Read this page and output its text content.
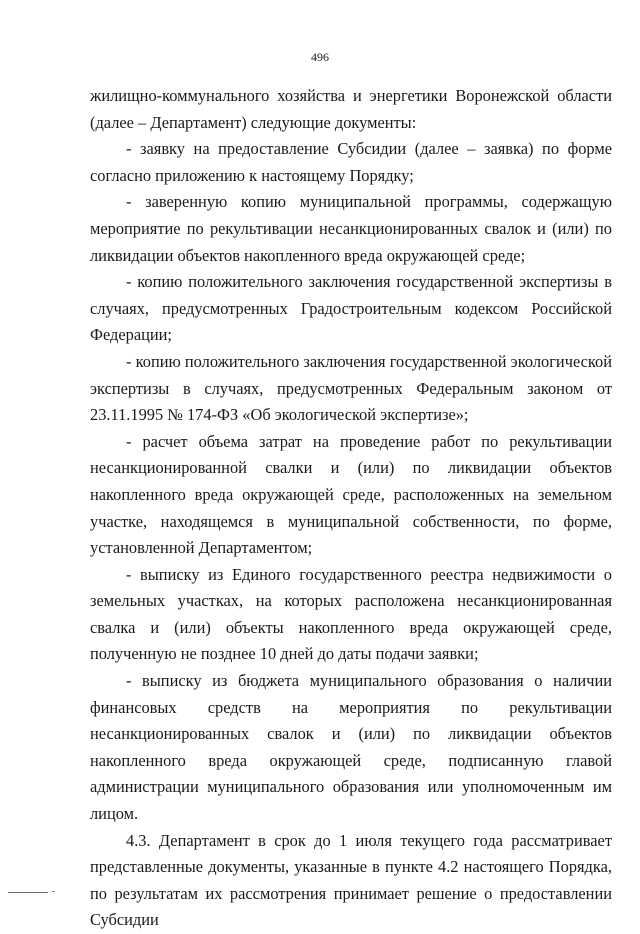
496

жилищно-коммунального хозяйства и энергетики Воронежской области (далее – Департамент) следующие документы:

- заявку на предоставление Субсидии (далее – заявка) по форме согласно приложению к настоящему Порядку;

- заверенную копию муниципальной программы, содержащую мероприятие по рекультивации несанкционированных свалок и (или) по ликвидации объектов накопленного вреда окружающей среде;

- копию положительного заключения государственной экспертизы в случаях, предусмотренных Градостроительным кодексом Российской Федерации;

- копию положительного заключения государственной экологической экспертизы в случаях, предусмотренных Федеральным законом от 23.11.1995 № 174-ФЗ «Об экологической экспертизе»;

- расчет объема затрат на проведение работ по рекультивации несанкционированной свалки и (или) по ликвидации объектов накопленного вреда окружающей среде, расположенных на земельном участке, находящемся в муниципальной собственности, по форме, установленной Департаментом;

- выписку из Единого государственного реестра недвижимости о земельных участках, на которых расположена несанкционированная свалка и (или) объекты накопленного вреда окружающей среде, полученную не позднее 10 дней до даты подачи заявки;

- выписку из бюджета муниципального образования о наличии финансовых средств на мероприятия по рекультивации несанкционированных свалок и (или) по ликвидации объектов накопленного вреда окружающей среде, подписанную главой администрации муниципального образования или уполномоченным им лицом.

4.3. Департамент в срок до 1 июля текущего года рассматривает представленные документы, указанные в пункте 4.2 настоящего Порядка, по результатам их рассмотрения принимает решение о предоставлении Субсидии
